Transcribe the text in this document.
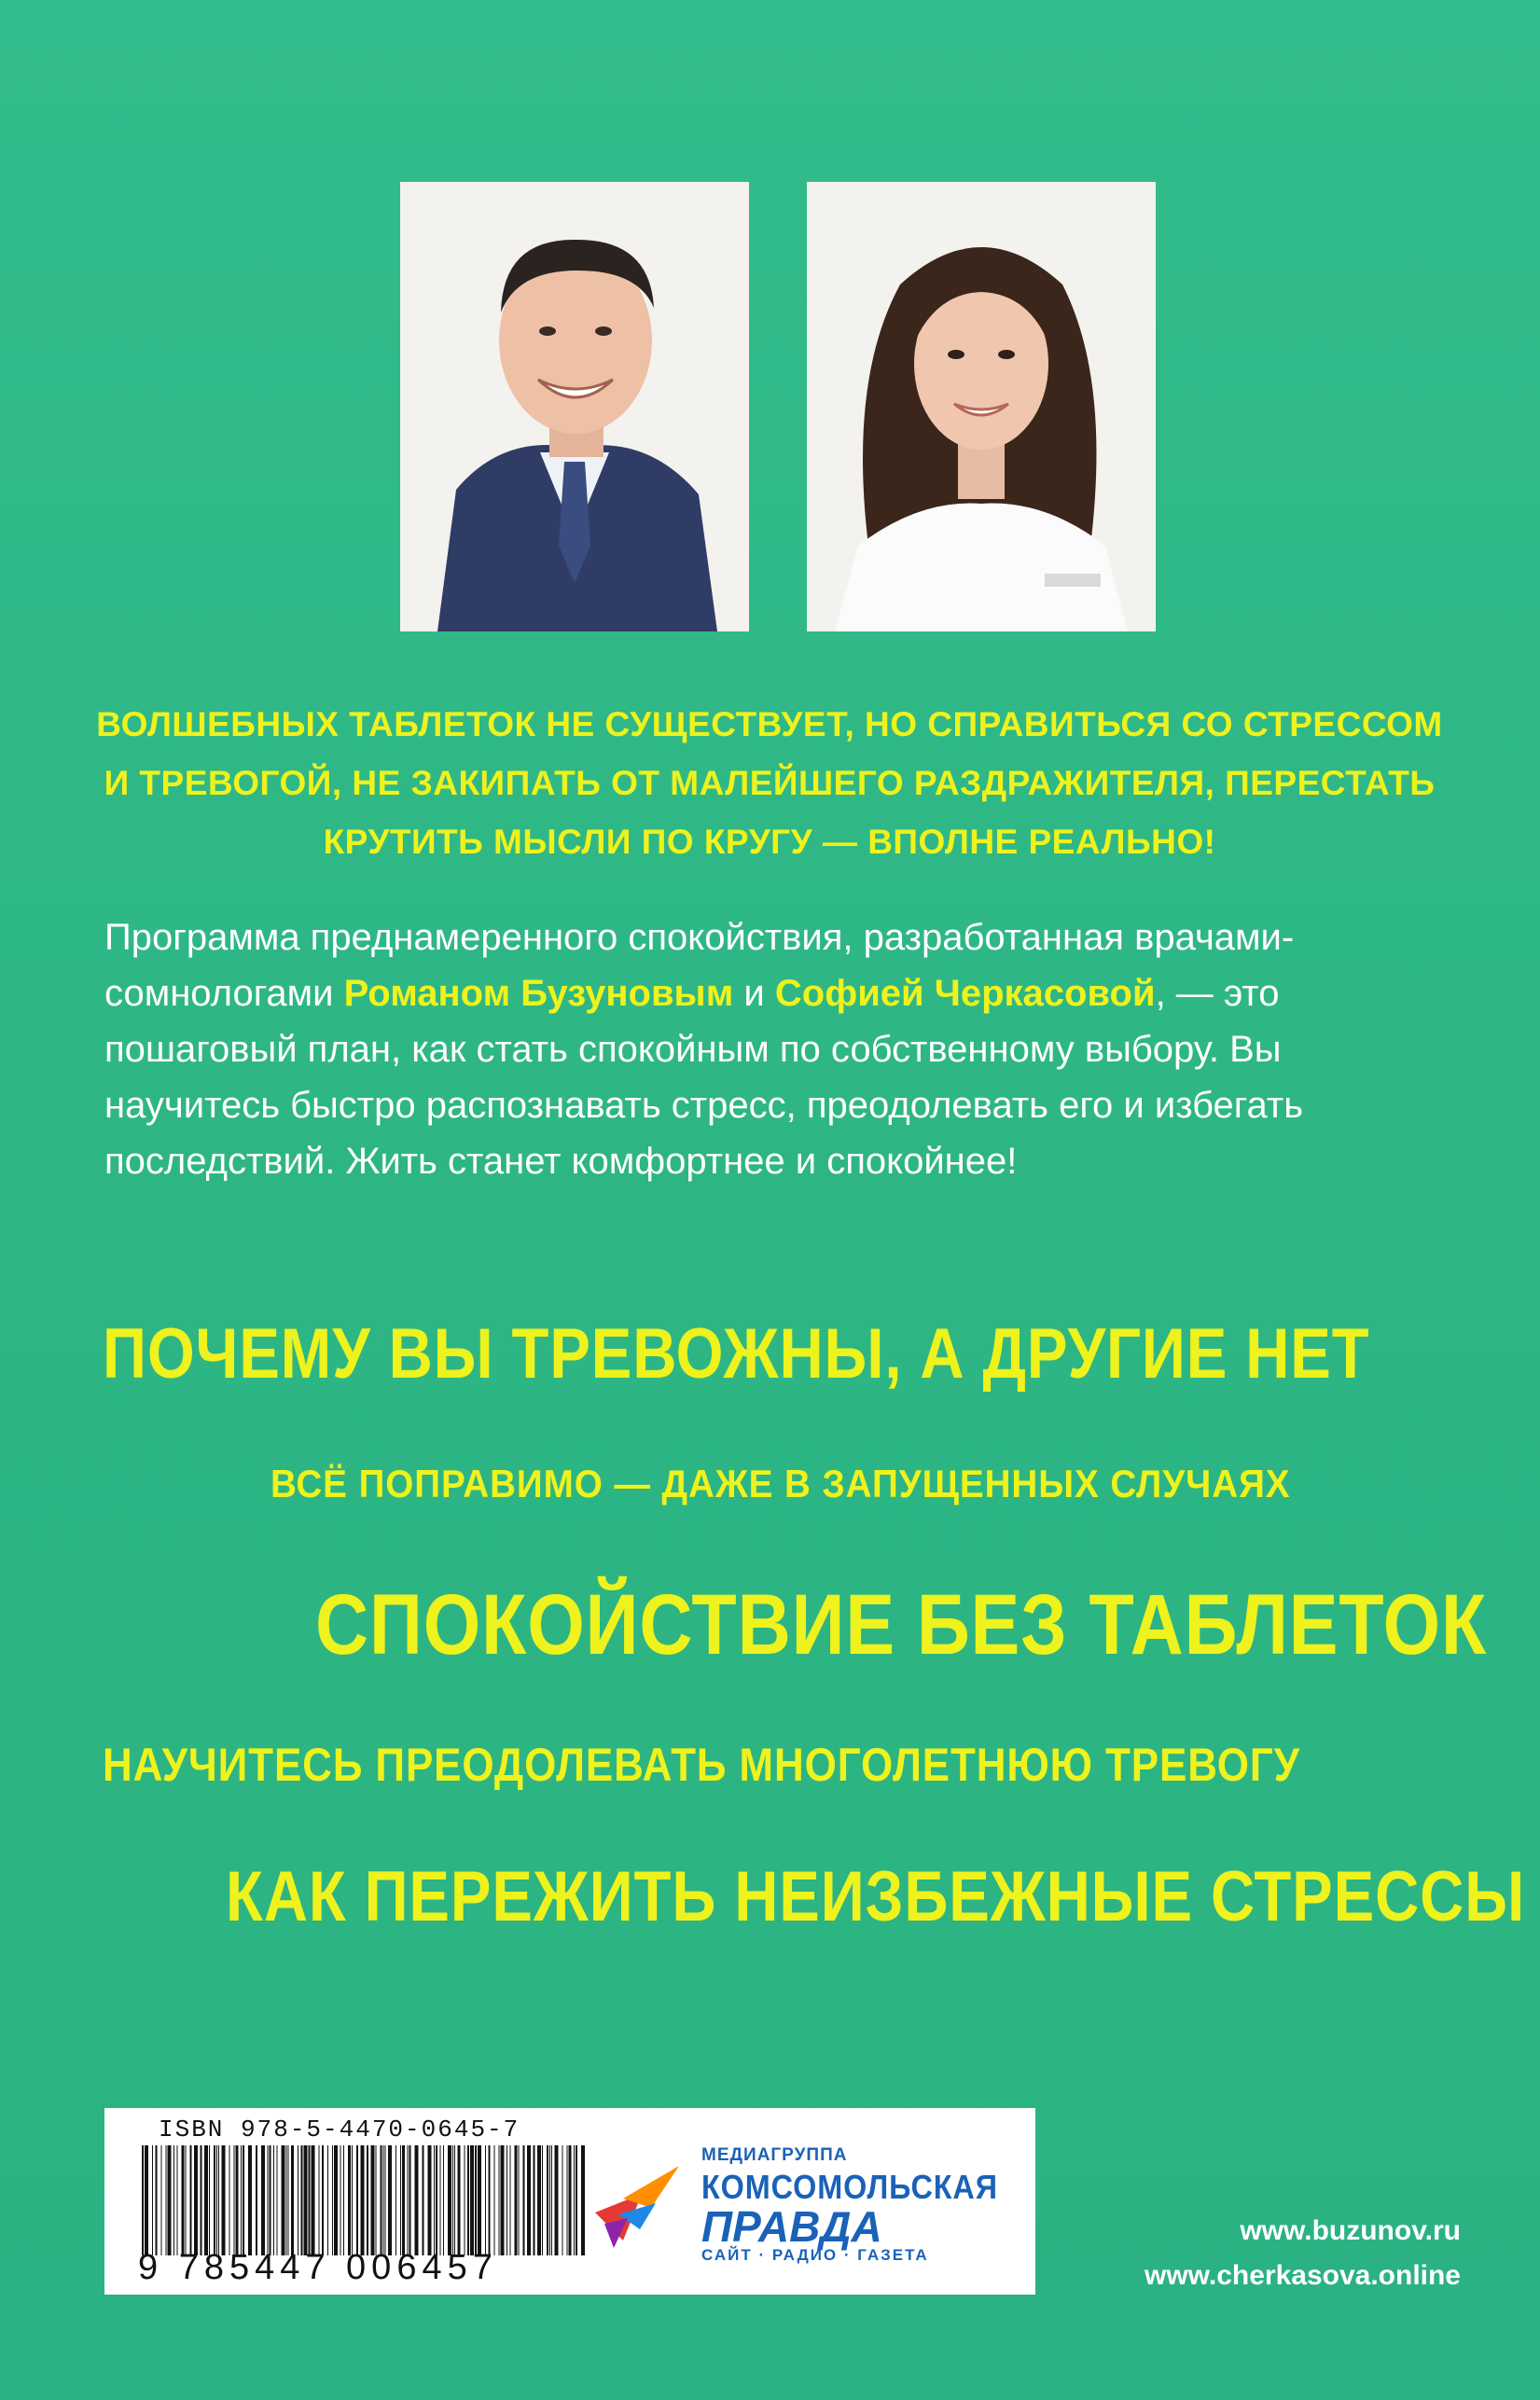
ВОЛШЕБНЫХ ТАБЛЕТОК НЕ СУЩЕСТВУЕТ, НО СПРАВИТЬСЯ СО СТРЕССОМ
И ТРЕВОГОЙ, НЕ ЗАКИПАТЬ ОТ МАЛЕЙШЕГО РАЗДРАЖИТЕЛЯ, ПЕРЕСТАТЬ
КРУТИТЬ МЫСЛИ ПО КРУГУ — ВПОЛНЕ РЕАЛЬНО!

Программа преднамеренного спокойствия, разработанная врачами-сомнологами Романом Бузуновым и Софией Черкасовой, — это пошаговый план, как стать спокойным по собственному выбору. Вы научитесь быстро распознавать стресс, преодолевать его и избегать последствий. Жить станет комфортнее и спокойнее!

ПОЧЕМУ ВЫ ТРЕВОЖНЫ, А ДРУГИЕ НЕТ

ВСЁ ПОПРАВИМО — ДАЖЕ В ЗАПУЩЕННЫХ СЛУЧАЯХ

СПОКОЙСТВИЕ БЕЗ ТАБЛЕТОК

НАУЧИТЕСЬ ПРЕОДОЛЕВАТЬ МНОГОЛЕТНЮЮ ТРЕВОГУ

КАК ПЕРЕЖИТЬ НЕИЗБЕЖНЫЕ СТРЕССЫ

ISBN 978-5-4470-0645-7
9 785447 006457
МЕДИАГРУППА
КОМСОМОЛЬСКАЯ
ПРАВДА
САЙТ · РАДИО · ГАЗЕТА

www.buzunov.ru

www.cherkasova.online
